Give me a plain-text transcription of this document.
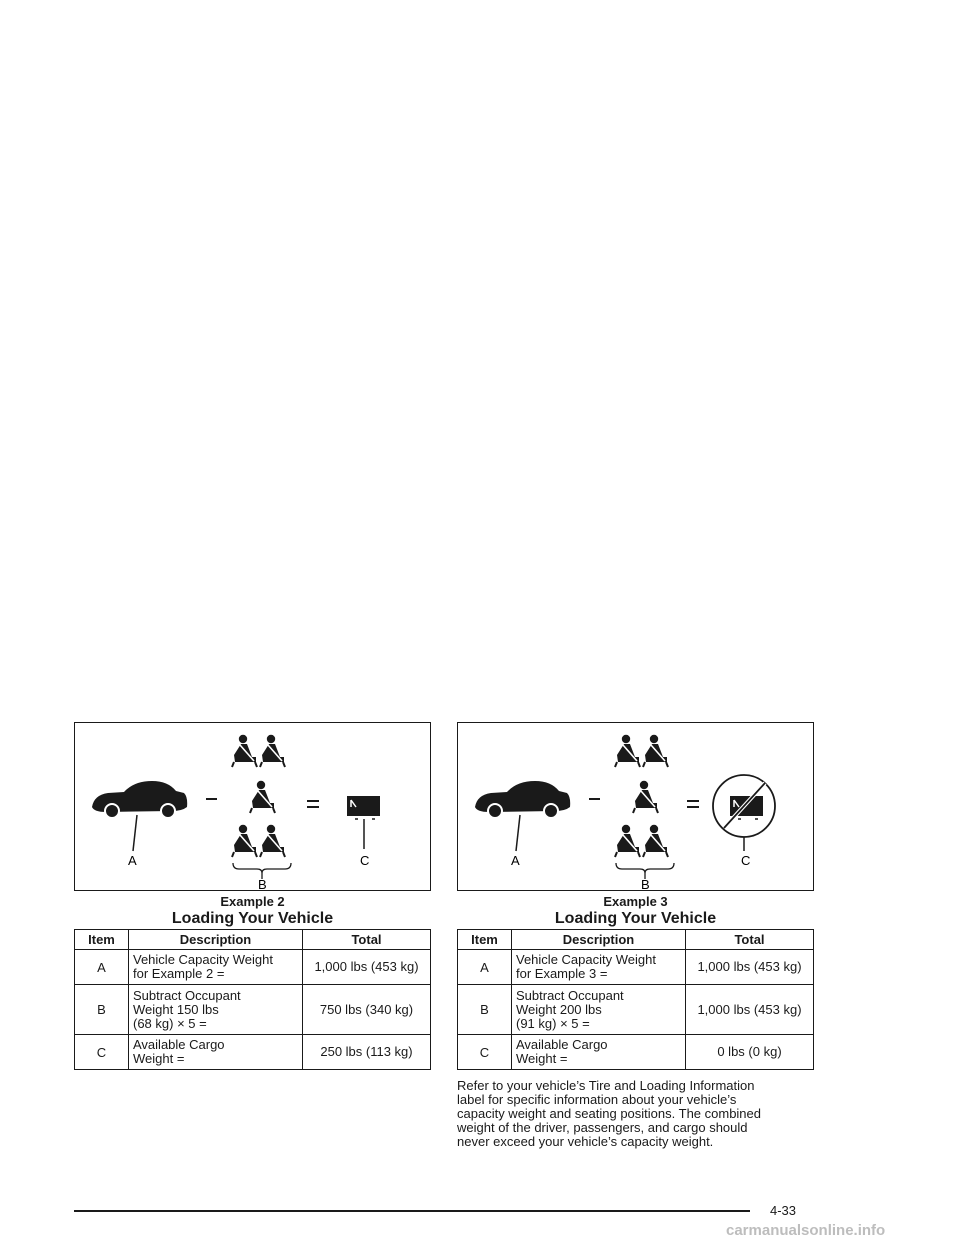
A
B
C
Example 2
Loading Your Vehicle
Item	Description	Total
A	Vehicle Capacity Weight
for Example 2 =	1,000 lbs (453 kg)
B	Subtract Occupant
Weight 150 lbs
(68 kg) × 5 =	750 lbs (340 kg)
C	Available Cargo
Weight =	250 lbs (113 kg)
A
B
C
Example 3
Loading Your Vehicle
Item	Description	Total
A	Vehicle Capacity Weight
for Example 3 =	1,000 lbs (453 kg)
B	Subtract Occupant
Weight 200 lbs
(91 kg) × 5 =	1,000 lbs (453 kg)
C	Available Cargo
Weight =	0 lbs (0 kg)
Refer to your vehicle’s Tire and Loading Information
label for specific information about your vehicle’s
capacity weight and seating positions. The combined
weight of the driver, passengers, and cargo should
never exceed your vehicle’s capacity weight.
4-33
carmanualsonline.info
